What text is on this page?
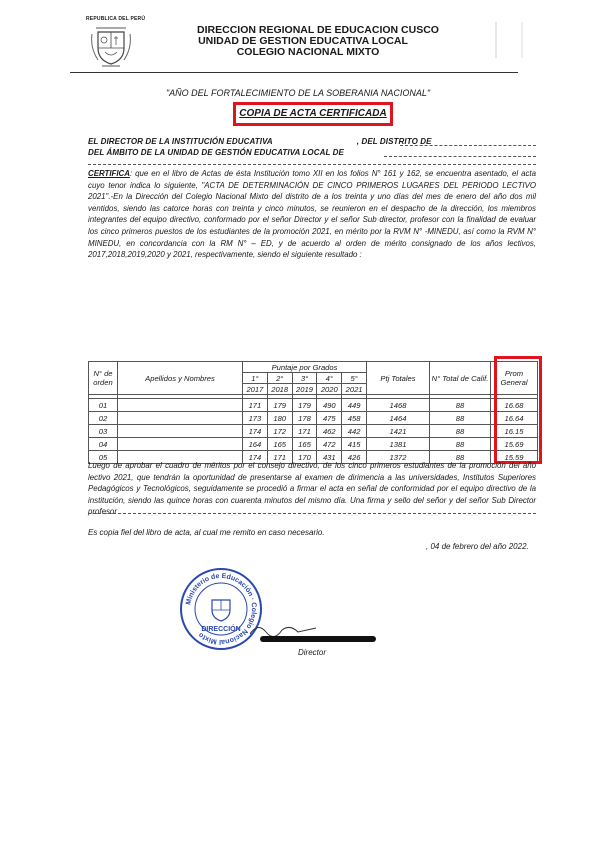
REPUBLICA DEL PERÚ
DIRECCION REGIONAL DE EDUCACION CUSCO
UNIDAD DE GESTION EDUCATIVA LOCAL
COLEGIO NACIONAL MIXTO
"AÑO DEL FORTALECIMIENTO DE LA SOBERANIA NACIONAL"
COPIA DE ACTA CERTIFICADA
EL DIRECTOR DE LA INSTITUCIÓN EDUCATIVA	, DEL DISTRITO DE
DEL ÁMBITO DE LA UNIDAD DE GESTIÓN EDUCATIVA LOCAL DE
CERTIFICA: que en el libro de Actas de ésta Institución tomo XII en los folios N° 161 y 162, se encuentra asentado, el acta cuyo tenor indica lo siguiente, "ACTA DE DETERMINACIÓN DE CINCO PRIMEROS LUGARES DEL PERIODO LECTIVO 2021".-En la Dirección del Colegio Nacional Mixto del distrito de a los treinta y uno días del mes de enero del año dos mil ventidos, siendo las catorce horas con treinta y cinco minutos, se reunieron en el despacho de la dirección, los miembros integrantes del equipo directivo, conformado por el señor Director y el señor Sub director, profesor con la finalidad de evaluar los cinco primeros puestos de los estudiantes de la promoción 2021, en mérito por la RVM N° -MINEDU, así como la RVM N° MINEDU, en concordancia con la RM N° – ED, y de acuerdo al orden de mérito consignado de los años lectivos, 2017,2018,2019,2020 y 2021, respectivamente, siendo el siguiente resultado :
N° de orden	Apellidos y Nombres	Puntaje por Grados					Ptj Totales	N° Total de Calif.	Prom General
		1°	2°	3°	4°	5°			
		2017	2018	2019	2020	2021			

01		171	179	179	490	449	1468	88	16.68
02		173	180	178	475	458	1464	88	16.64
03		174	172	171	462	442	1421	88	16.15
04		164	165	165	472	415	1381	88	15.69
05		174	171	170	431	426	1372	88	15.59
Luego de aprobar el cuadro de méritos por el consejo directivo, de los cinco primeros estudiantes de la promoción del año lectivo 2021, que tendrán la oportunidad de presentarse al examen de dirimencia a las universidades, Institutos Superiores Pedagógicos y Tecnológicos, seguidamente se procedió a firmar el acta en señal de conformidad por el equipo directivo de la institución, siendo las quince horas con cuarenta minutos del mismo día. Una firma y sello del señor y del señor Sub Director profesor
Es copia fiel del libro de acta, al cual me remito en caso necesario.
, 04 de febrero del año 2022.
Ministerio de Educación · Colegio Nacional Mixto
DIRECCIÓN
Director
